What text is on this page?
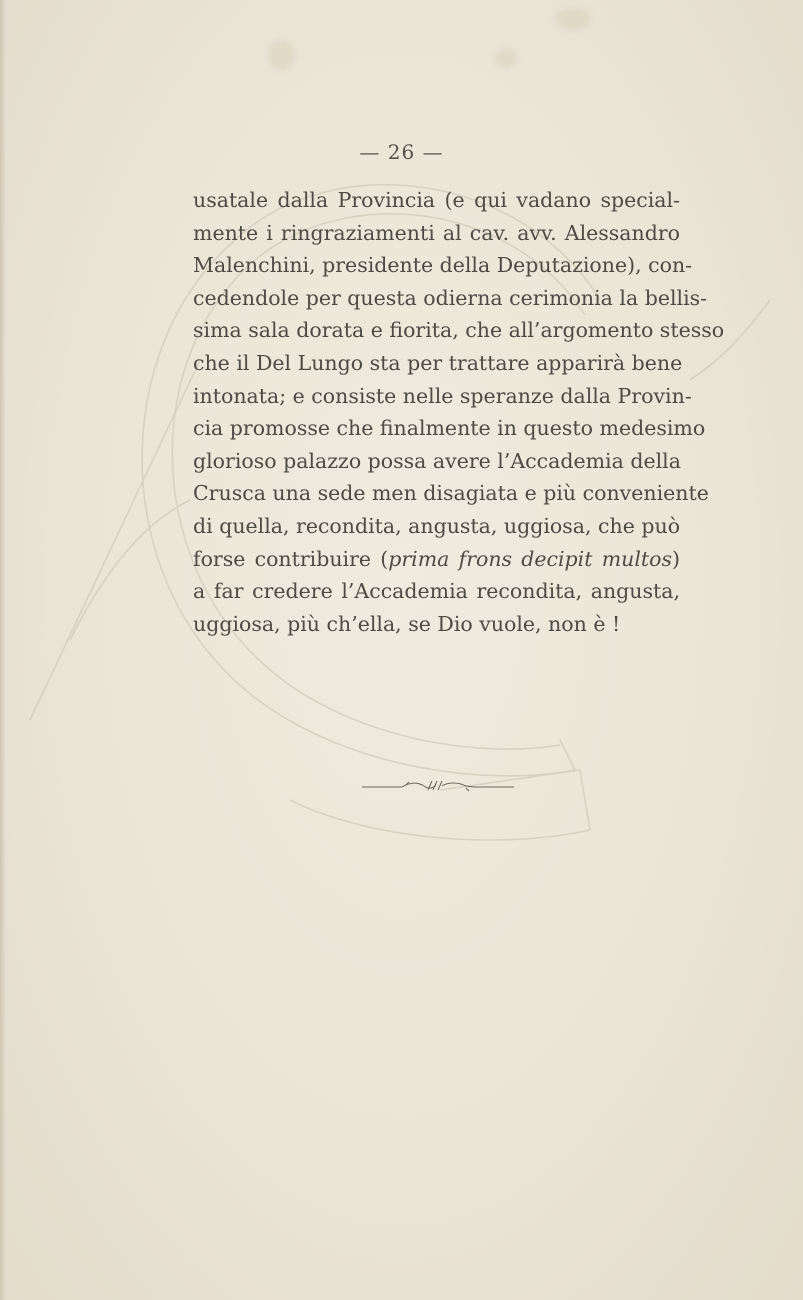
— 26 —
usatale dalla Provincia (e qui vadano special-
mente i ringraziamenti al cav. avv. Alessandro
Malenchini, presidente della Deputazione), con-
cedendole per questa odierna cerimonia la bellis-
sima sala dorata e fiorita, che all’argomento stesso
che il Del Lungo sta per trattare apparirà bene
intonata; e consiste nelle speranze dalla Provin-
cia promosse che finalmente in questo medesimo
glorioso palazzo possa avere l’Accademia della
Crusca una sede men disagiata e più conveniente
di quella, recondita, angusta, uggiosa, che può
forse contribuire (prima frons decipit multos)
a far credere l’Accademia recondita, angusta,
uggiosa, più ch’ella, se Dio vuole, non è !
